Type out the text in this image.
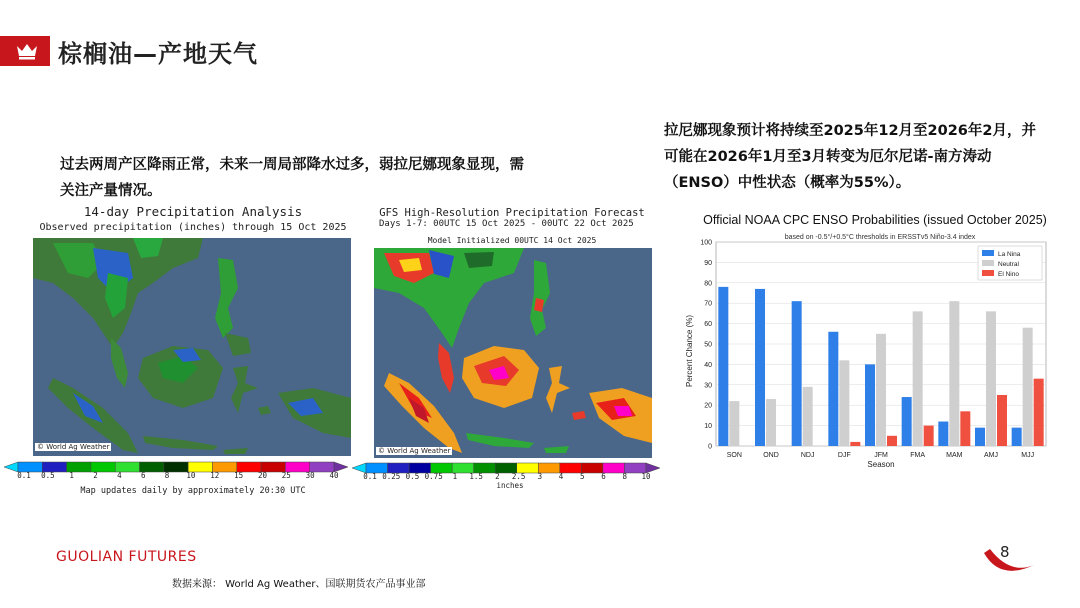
棕榈油—产地天气
过去两周产区降雨正常，未来一周局部降水过多，弱拉尼娜现象显现，需
关注产量情况。
拉尼娜现象预计将持续至2025年12月至2026年2月，并
可能在2026年1月至3月转变为厄尔尼诺-南方涛动
（ENSO）中性状态（概率为55%）。
14-day Precipitation Analysis
Observed precipitation (inches) through 15 Oct 2025
© World Ag Weather
0.1	0.5	1	2	4	6	8	10	12	15	20	25	30	40
Map updates daily by approximately 20:30 UTC
GFS High-Resolution Precipitation Forecast
Days 1-7: 00UTC 15 Oct 2025 - 00UTC 22 Oct 2025
Model Initialized 00UTC 14 Oct 2025
© World Ag Weather
0.1 0.25 0.5 0.75	1	1.5	2	2.5	3	4	5	6	8	10
inches
Official NOAA CPC ENSO Probabilities (issued October 2025)
based on -0.5°/+0.5°C thresholds in ERSSTv5 Niño-3.4 index
Percent Chance (%)
Season
0
10
20
30
40
50
60
70
80
90
100
SON	OND	NDJ	DJF	JFM	FMA	MAM	AMJ	MJJ
La Nina
Neutral
El Nino
GUOLIAN FUTURES
数据来源： World Ag Weather、国联期货农产品事业部
8
